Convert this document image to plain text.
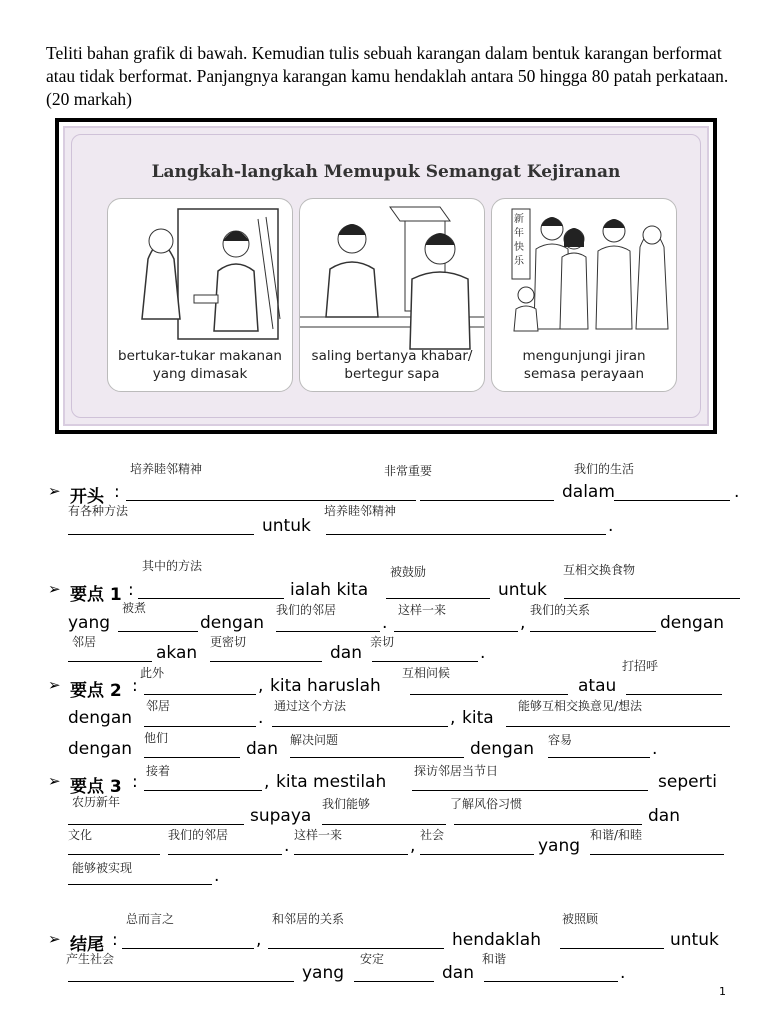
Teliti bahan grafik di bawah. Kemudian tulis sebuah karangan dalam bentuk karangan berformat atau tidak berformat. Panjangnya karangan kamu hendaklah antara 50 hingga 80 patah perkataan. (20 markah)
Langkah-langkah Memupuk Semangat Kejiranan
bertukar-tukar makanan
yang dimasak
saling bertanya khabar/
bertegur sapa
新年快乐
mengunjungi jiran
semasa perayaan
培养睦邻精神	非常重要	我们的生活
➢ 开头 :	dalam	.
有各种方法	培养睦邻精神
untuk	.
其中的方法	被鼓励	互相交换食物
➢ 要点 1 :	ialah kita	untuk
被煮	我们的邻居	这样一来	我们的关系
yang	dengan	.	,	dengan
邻居	更密切	亲切
akan	dan	.
此外	互相问候	打招呼
➢ 要点 2 :	, kita haruslah	atau
邻居	通过这个方法	能够互相交换意见/想法
dengan	.	, kita
他们	解决问题	容易
dengan	dan	dengan	.
接着	探访邻居当节日
➢ 要点 3 :	, kita mestilah	seperti
农历新年	我们能够	了解风俗习惯
supaya	dan
文化	我们的邻居	这样一来	社会	和谐/和睦
.	,	yang
能够被实现	.
总而言之	和邻居的关系	被照顾
➢ 结尾 :	,	hendaklah	untuk
产生社会	安定	和谐
yang	dan	.
1
